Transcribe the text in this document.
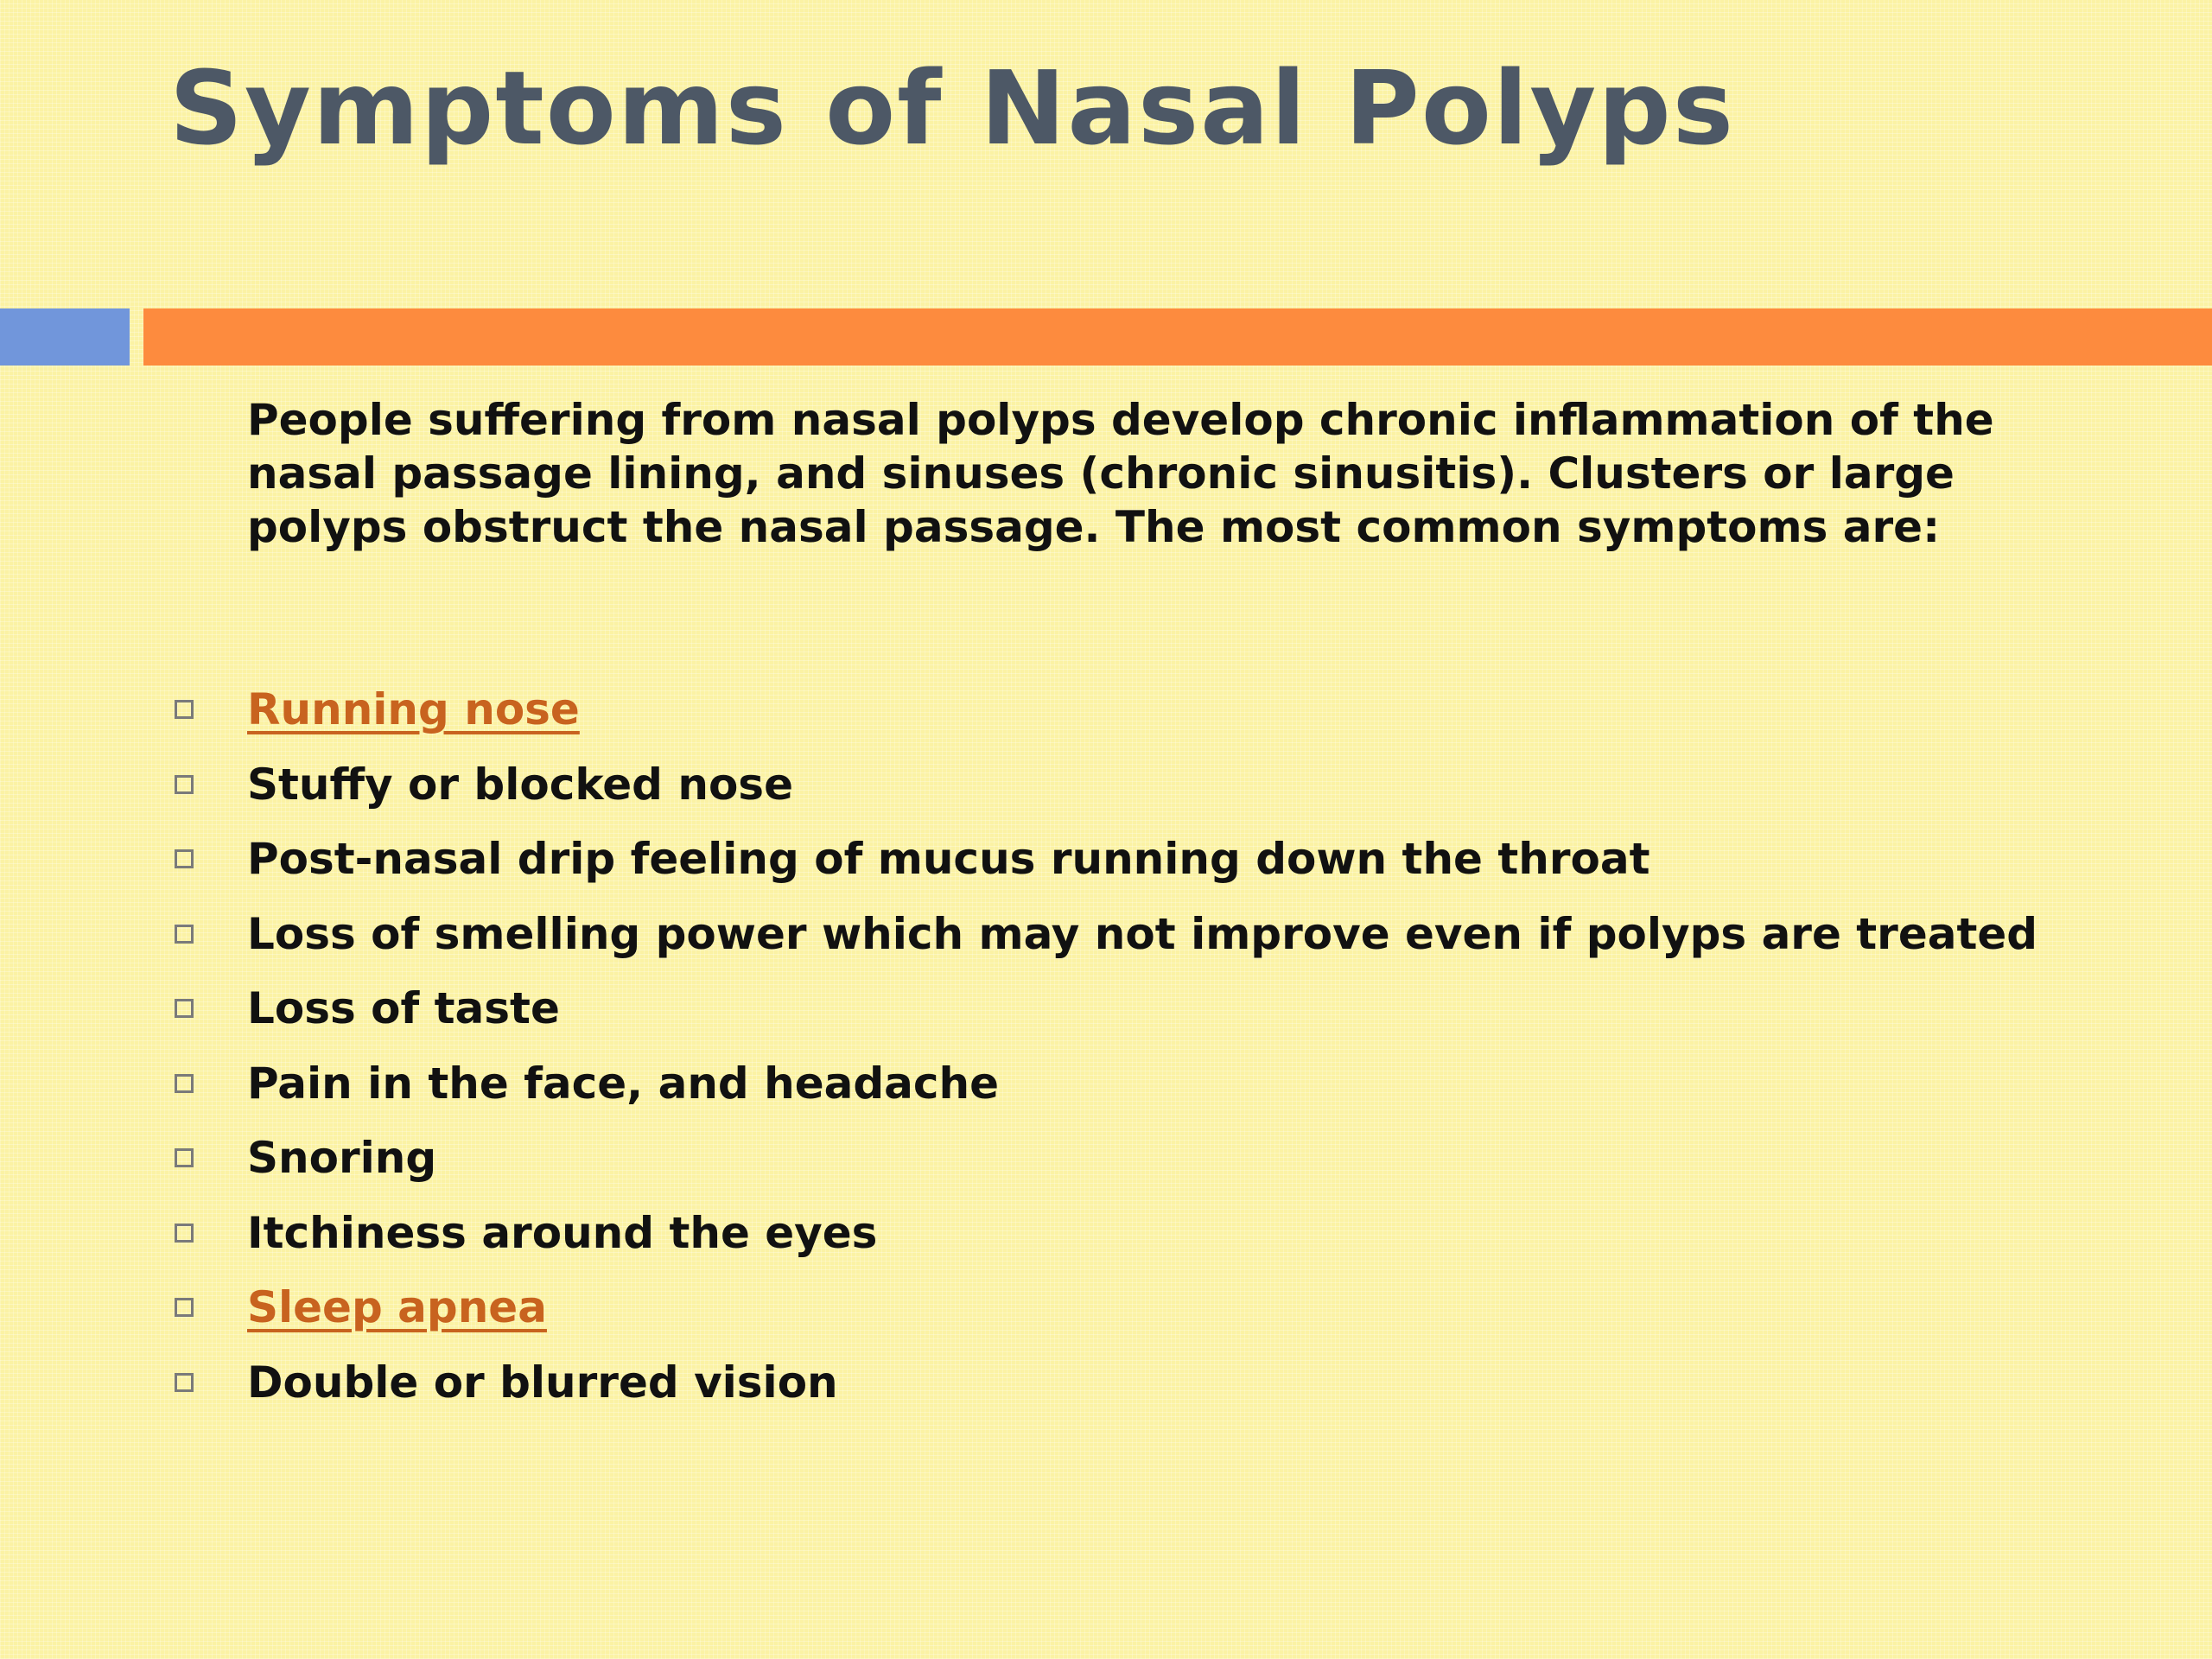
Symptoms of Nasal Polyps

People suffering from nasal polyps develop chronic inflammation of the nasal passage lining, and sinuses (chronic sinusitis). Clusters or large polyps obstruct the nasal passage. The most common symptoms are:

Running nose
Stuffy or blocked nose
Post-nasal drip feeling of mucus running down the throat
Loss of smelling power which may not improve even if polyps are treated
Loss of taste
Pain in the face, and headache
Snoring
Itchiness around the eyes
Sleep apnea
Double or blurred vision
